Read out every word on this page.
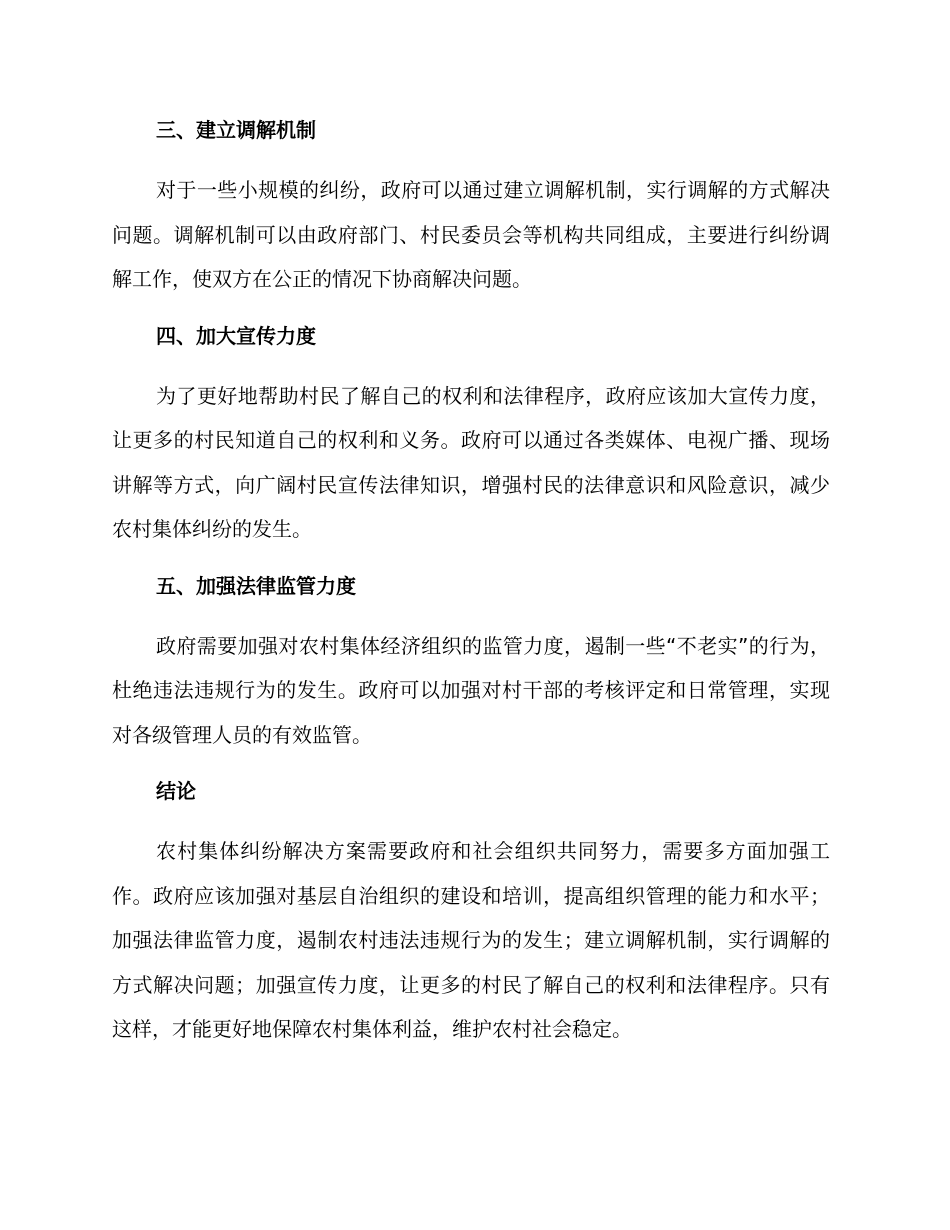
三、建立调解机制

对于一些小规模的纠纷，政府可以通过建立调解机制，实行调解的方式解决问题。调解机制可以由政府部门、村民委员会等机构共同组成，主要进行纠纷调解工作，使双方在公正的情况下协商解决问题。

四、加大宣传力度

为了更好地帮助村民了解自己的权利和法律程序，政府应该加大宣传力度，让更多的村民知道自己的权利和义务。政府可以通过各类媒体、电视广播、现场讲解等方式，向广阔村民宣传法律知识，增强村民的法律意识和风险意识，减少农村集体纠纷的发生。

五、加强法律监管力度

政府需要加强对农村集体经济组织的监管力度，遏制一些“不老实”的行为，杜绝违法违规行为的发生。政府可以加强对村干部的考核评定和日常管理，实现对各级管理人员的有效监管。

结论

农村集体纠纷解决方案需要政府和社会组织共同努力，需要多方面加强工作。政府应该加强对基层自治组织的建设和培训，提高组织管理的能力和水平；加强法律监管力度，遏制农村违法违规行为的发生；建立调解机制，实行调解的方式解决问题；加强宣传力度，让更多的村民了解自己的权利和法律程序。只有这样，才能更好地保障农村集体利益，维护农村社会稳定。
